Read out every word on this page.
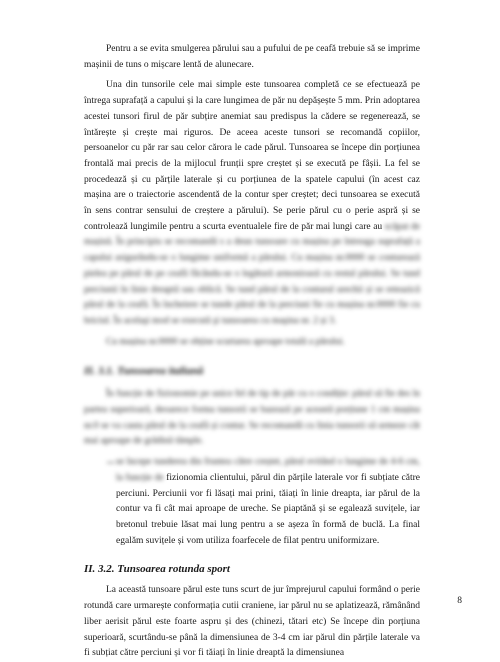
Pentru a se evita smulgerea părului sau a pufului de pe ceafă trebuie să se imprime mașinii de tuns o mișcare lentă de alunecare.

Una din tunsorile cele mai simple este tunsoarea completă ce se efectuează pe întrega suprafață a capului și la care lungimea de păr nu depășește 5 mm. Prin adoptarea acestei tunsori firul de păr subțire anemiat sau predispus la cădere se regenerează, se întărește și crește mai riguros. De aceea aceste tunsori se recomandă copiilor, persoanelor cu păr rar sau celor cărora le cade părul. Tunsoarea se începe din porțiunea frontală mai precis de la mijlocul frunții spre creștet și se execută pe fâșii. La fel se procedează și cu părțile laterale și cu porțiunea de la spatele capului (în acest caz mașina are o traiectorie ascendentă de la contur sper creștet; deci tunsoarea se execută în sens contrar sensului de creștere a părului). Se perie părul cu o perie aspră și se controlează lungimile pentru a scurta eventualele fire de păr mai lungi care au scăpat de mașină. În principiu se recomandă s a deun tunsoare cu mașina pe întreaga suprafață a capului asigurându-se o lungime uniformă a părului. Cu mașina nr.0000 se conturează pielea pe părul de pe ceafă fâcându-se o legătură armonioasă cu restul părului. Se tund perciunii în linie dreaptă sau oblică. Se tund părul de la conturul urechii și se reteazică părul de la ceafă. În încheiere se tunde părul de la perciuni fie cu mașina nr.0000 fie cu briciul. În acelaşi mod se execută şi tunsoarea cu maşina nr. 2 și 3.

Cu mașina nr.0000 se obține scurtarea aproape totală a părului.

II. 3.1. Tunsoarea italiană

În funcție de fizionomie pe unice fel de tip de păr cu o condiție: părul să fie des în partea superioară, deoarece forma tunsorii se bazează pe această porțiune 1 cm mașina nr.0 se va cauta părul de la ceafă și contur. Se recomandă cu linia tunsorii să urmeze cât mai aproape de grădină tâmple.

− se începe tunderea din fruntea către creștet, părul evitând o lungime de 4-6 cm, la funcție de fizionomia clientului, părul din părțile laterale vor fi subțiate către perciuni. Perciunii vor fi lăsați mai prini, tăiați în linie dreapta, iar părul de la contur va fi cât mai aproape de ureche. Se piaptănă și se egalează suvițele, iar bretonul trebuie lăsat mai lung pentru a se așeza în formă de buclă. La final egalăm suvițele și vom utiliza foarfecele de filat pentru uniformizare.

II. 3.2. Tunsoarea rotunda sport

La această tunsoare părul este tuns scurt de jur împrejurul capului formând o perie rotundă care urmarește conformația cutii craniene, iar părul nu se aplatizează, rămânând liber aerisit părul este foarte aspru și des (chinezi, tătari etc) Se începe din porțiuna superioară, scurtându-se până la dimensiunea de 3-4 cm iar părul din părțile laterale va fi subțiat către perciuni și vor fi tăiați în linie dreaptă la dimensiunea

8
